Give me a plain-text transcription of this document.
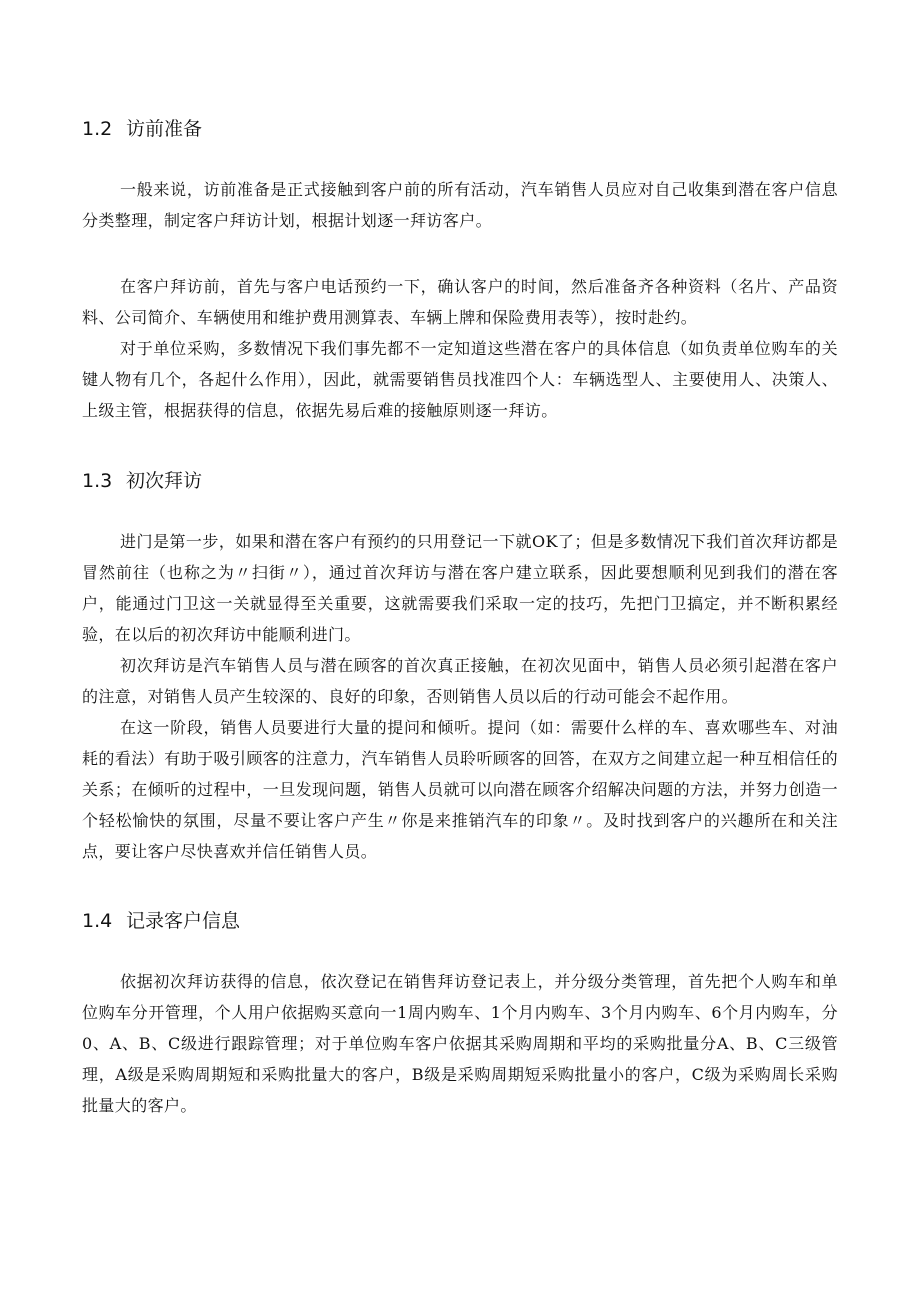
1.2 访前准备

一般来说，访前准备是正式接触到客户前的所有活动，汽车销售人员应对自己收集到潜在客户信息分类整理，制定客户拜访计划，根据计划逐一拜访客户。

在客户拜访前，首先与客户电话预约一下，确认客户的时间，然后准备齐各种资料（名片、产品资料、公司简介、车辆使用和维护费用测算表、车辆上牌和保险费用表等），按时赴约。

对于单位采购，多数情况下我们事先都不一定知道这些潜在客户的具体信息（如负责单位购车的关键人物有几个，各起什么作用），因此，就需要销售员找准四个人：车辆选型人、主要使用人、决策人、上级主管，根据获得的信息，依据先易后难的接触原则逐一拜访。

1.3 初次拜访

进门是第一步，如果和潜在客户有预约的只用登记一下就OK了；但是多数情况下我们首次拜访都是冒然前往（也称之为〃扫街〃），通过首次拜访与潜在客户建立联系，因此要想顺利见到我们的潜在客户，能通过门卫这一关就显得至关重要，这就需要我们采取一定的技巧，先把门卫搞定，并不断积累经验，在以后的初次拜访中能顺利进门。

初次拜访是汽车销售人员与潜在顾客的首次真正接触，在初次见面中，销售人员必须引起潜在客户的注意，对销售人员产生较深的、良好的印象，否则销售人员以后的行动可能会不起作用。

在这一阶段，销售人员要进行大量的提问和倾听。提问（如：需要什么样的车、喜欢哪些车、对油耗的看法）有助于吸引顾客的注意力，汽车销售人员聆听顾客的回答，在双方之间建立起一种互相信任的关系；在倾听的过程中，一旦发现问题，销售人员就可以向潜在顾客介绍解决问题的方法，并努力创造一个轻松愉快的氛围，尽量不要让客户产生〃你是来推销汽车的印象〃。及时找到客户的兴趣所在和关注点，要让客户尽快喜欢并信任销售人员。

1.4 记录客户信息

依据初次拜访获得的信息，依次登记在销售拜访登记表上，并分级分类管理，首先把个人购车和单位购车分开管理，个人用户依据购买意向一1周内购车、1个月内购车、3个月内购车、6个月内购车，分0、A、B、C级进行跟踪管理；对于单位购车客户依据其采购周期和平均的采购批量分A、B、C三级管理，A级是采购周期短和采购批量大的客户，B级是采购周期短采购批量小的客户，C级为采购周长采购批量大的客户。
